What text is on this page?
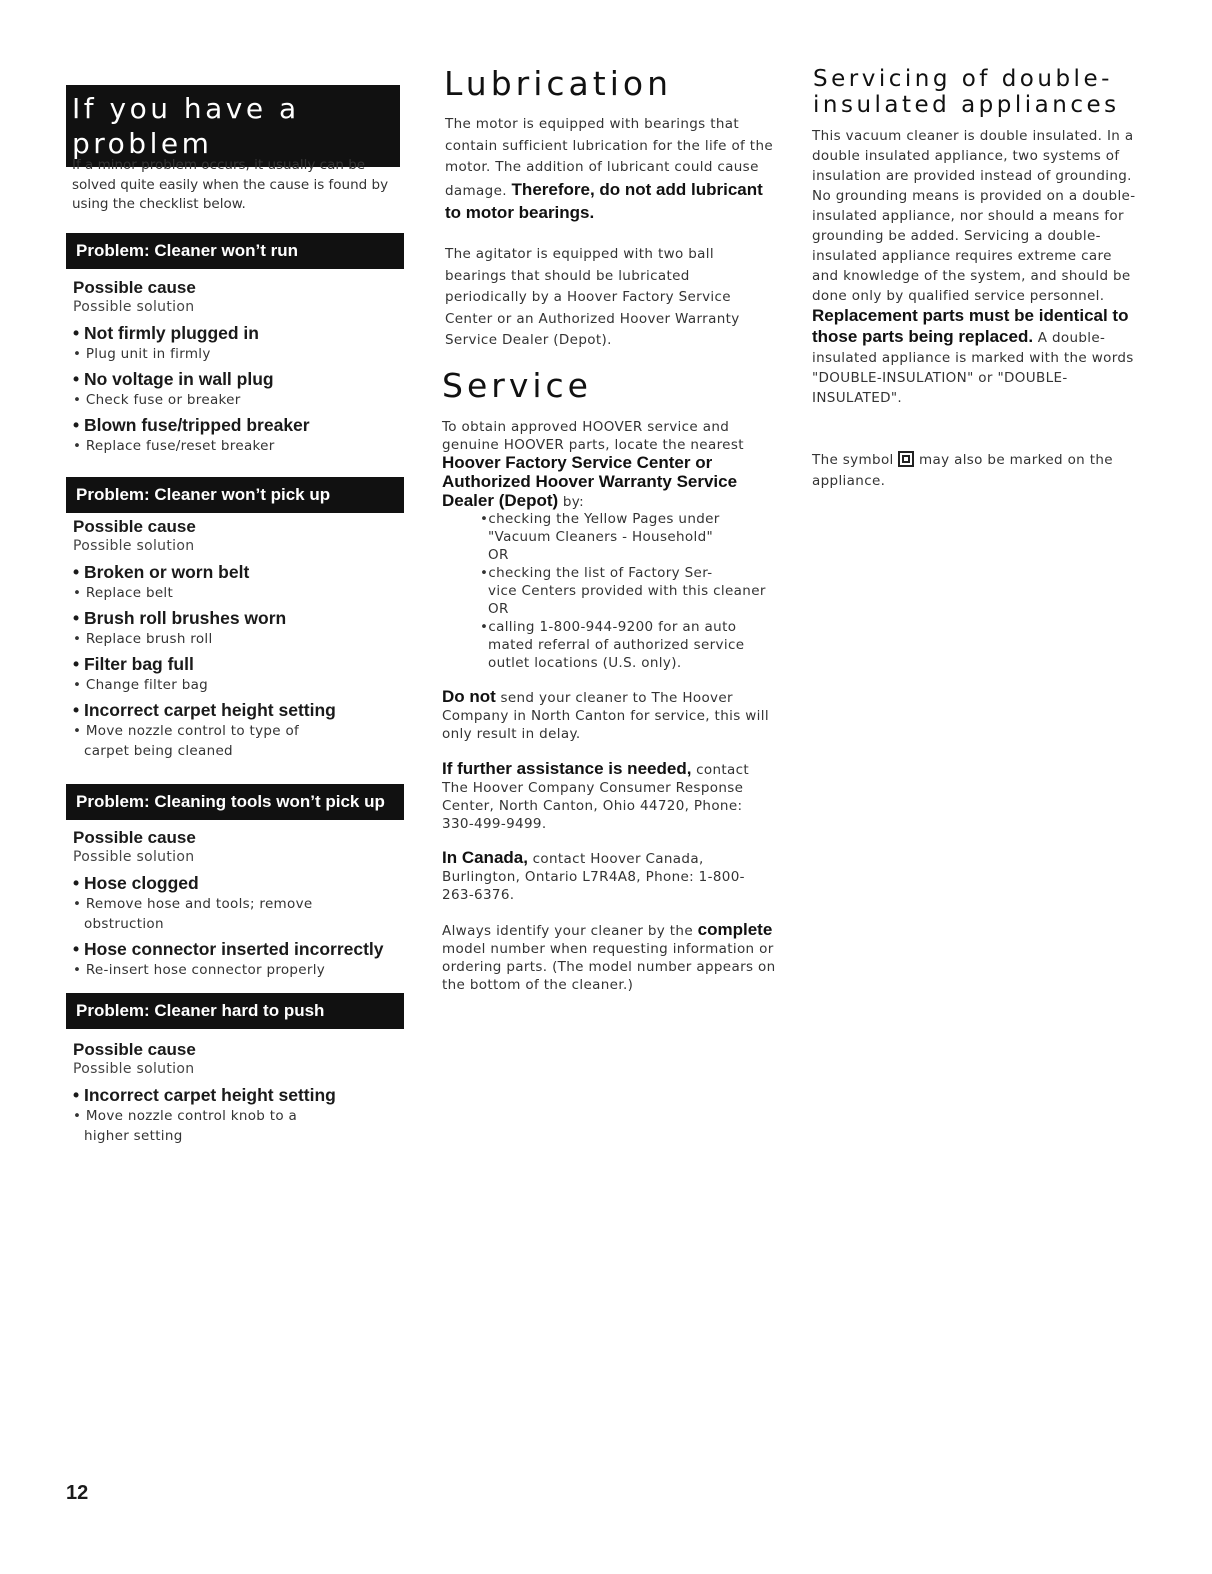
If you have a problem

If a minor problem occurs, it usually can be solved quite easily when the cause is found by using the checklist below.

Problem: Cleaner won’t run

Possible cause

Possible solution

• Not firmly plugged in

• Plug unit in firmly

• No voltage in wall plug

• Check fuse or breaker

• Blown fuse/tripped breaker

• Replace fuse/reset breaker

Problem: Cleaner won’t pick up

Possible cause

Possible solution

• Broken or worn belt

• Replace belt

• Brush roll brushes worn

• Replace brush roll

• Filter bag full

• Change filter bag

• Incorrect carpet height setting

• Move nozzle control to type of
carpet being cleaned

Problem: Cleaning tools won’t pick up

Possible cause

Possible solution

• Hose clogged

• Remove hose and tools; remove
obstruction

• Hose connector inserted incorrectly

• Re-insert hose connector properly

Problem: Cleaner hard to push

Possible cause

Possible solution

• Incorrect carpet height setting

• Move nozzle control knob to a
higher setting

12
Lubrication

The motor is equipped with bearings that contain sufficient lubrication for the life of the motor. The addition of lubricant could cause damage. Therefore, do not add lubricant to motor bearings.

The agitator is equipped with two ball bearings that should be lubricated periodically by a Hoover Factory Service Center or an Authorized Hoover Warranty Service Dealer (Depot).

Service

To obtain approved HOOVER service and genuine HOOVER parts, locate the nearest Hoover Factory Service Center or Authorized Hoover Warranty Service Dealer (Depot) by:

•checking the Yellow Pages under
"Vacuum Cleaners - Household"
OR
•checking the list of Factory Ser-
vice Centers provided with this cleaner OR
•calling 1-800-944-9200 for an auto
mated referral of authorized service outlet locations (U.S. only).

Do not send your cleaner to The Hoover Company in North Canton for service, this will only result in delay.

If further assistance is needed, contact The Hoover Company Consumer Response Center, North Canton, Ohio 44720, Phone: 330-499-9499.

In Canada, contact Hoover Canada, Burlington, Ontario L7R4A8, Phone: 1-800-263-6376.

Always identify your cleaner by the complete model number when requesting information or ordering parts. (The model number appears on the bottom of the cleaner.)

Servicing of double-insulated appliances

This vacuum cleaner is double insulated. In a double insulated appliance, two systems of insulation are provided instead of grounding. No grounding means is provided on a double-insulated appliance, nor should a means for grounding be added. Servicing a double-insulated appliance requires extreme care and knowledge of the system, and should be done only by qualified service personnel. Replacement parts must be identical to those parts being replaced. A double-insulated appliance is marked with the words "DOUBLE-INSULATION" or "DOUBLE-INSULATED".

The symbol may also be marked on the appliance.
